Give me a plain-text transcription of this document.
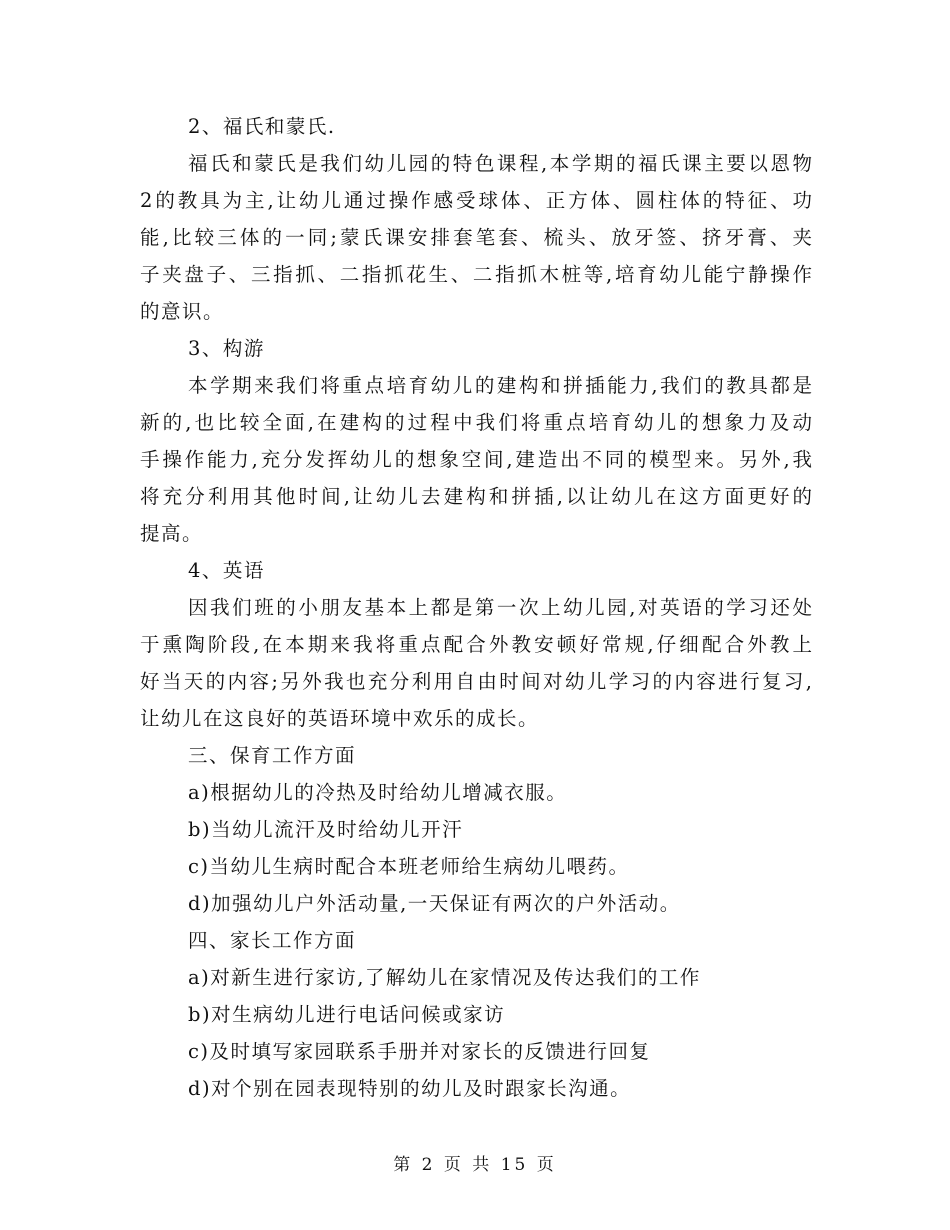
2、福氏和蒙氏.
福氏和蒙氏是我们幼儿园的特色课程,本学期的福氏课主要以恩物
2的教具为主,让幼儿通过操作感受球体、正方体、圆柱体的特征、功
能,比较三体的一同;蒙氏课安排套笔套、梳头、放牙签、挤牙膏、夹
子夹盘子、三指抓、二指抓花生、二指抓木桩等,培育幼儿能宁静操作
的意识。
3、构游
本学期来我们将重点培育幼儿的建构和拼插能力,我们的教具都是
新的,也比较全面,在建构的过程中我们将重点培育幼儿的想象力及动
手操作能力,充分发挥幼儿的想象空间,建造出不同的模型来。另外,我
将充分利用其他时间,让幼儿去建构和拼插,以让幼儿在这方面更好的
提高。
4、英语
因我们班的小朋友基本上都是第一次上幼儿园,对英语的学习还处
于熏陶阶段,在本期来我将重点配合外教安顿好常规,仔细配合外教上
好当天的内容;另外我也充分利用自由时间对幼儿学习的内容进行复习,
让幼儿在这良好的英语环境中欢乐的成长。
三、保育工作方面
a)根据幼儿的冷热及时给幼儿增减衣服。
b)当幼儿流汗及时给幼儿开汗
c)当幼儿生病时配合本班老师给生病幼儿喂药。
d)加强幼儿户外活动量,一天保证有两次的户外活动。
四、家长工作方面
a)对新生进行家访,了解幼儿在家情况及传达我们的工作
b)对生病幼儿进行电话问候或家访
c)及时填写家园联系手册并对家长的反馈进行回复
d)对个别在园表现特别的幼儿及时跟家长沟通。
第 2 页 共 15 页
